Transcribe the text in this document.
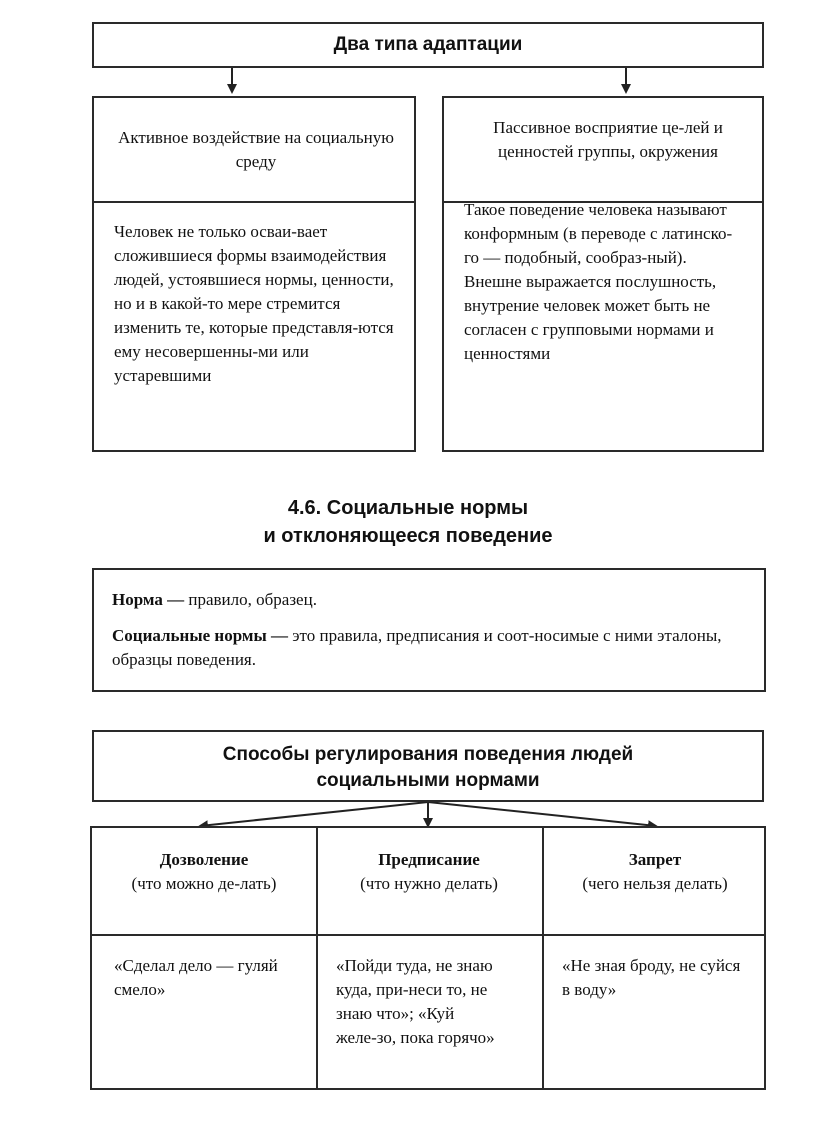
Два типа адаптации
Активное воздействие на социальную среду
Человек не только осваи-вает сложившиеся формы взаимодействия людей, устоявшиеся нормы, ценности, но и в какой-то мере стремится изменить те, которые представля-ются ему несовершенны-ми или устаревшими
Пассивное восприятие це-лей и ценностей группы, окружения
Такое поведение человека называют конформным (в переводе с латинско-го — подобный, сообраз-ный). Внешне выражается послушность, внутрение человек может быть не согласен с групповыми нормами и ценностями
4.6. Социальные нормы
и отклоняющееся поведение

Норма — правило, образец.

Социальные нормы — это правила, предписания и соот-носимые с ними эталоны, образцы поведения.

Способы регулирования поведения людей
социальными нормами
Дозволение
(что можно де-лать)
«Сделал дело — гуляй смело»
Предписание
(что нужно делать)
«Пойди туда, не знаю куда, при-неси то, не знаю что»; «Куй желе-зо, пока горячо»
Запрет
(чего нельзя делать)
«Не зная броду, не суйся в воду»
